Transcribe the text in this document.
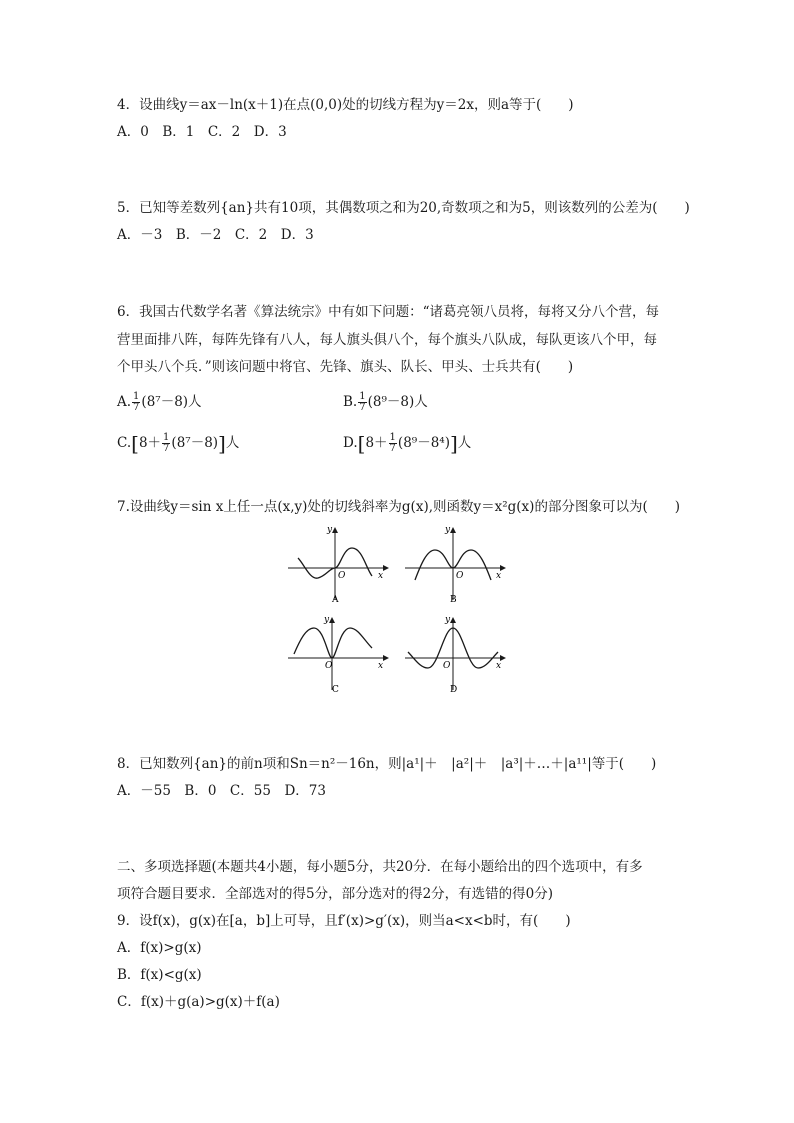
4．设曲线y＝ax－ln(x＋1)在点(0,0)处的切线方程为y＝2x，则a等于(　　)
A．0　B．1　C．2　D．3
5．已知等差数列{an}共有10项，其偶数项之和为20,奇数项之和为5，则该数列的公差为(　　)
A．－3　B．－2　C．2　D．3
6．我国古代数学名著《算法统宗》中有如下问题：“诸葛亮领八员将，每将又分八个营，每
营里面排八阵，每阵先锋有八人，每人旗头俱八个，每个旗头八队成，每队更该八个甲，每
个甲头八个兵．”则该问题中将官、先锋、旗头、队长、甲头、士兵共有(　　)
A. $\frac{1}{7} (8^7-8)$人	B. $\frac{1}{7} (8^9-8)$人
$C.[8+ \frac{1}{7} (8^7-8)]$人	$D.[8+ \frac{1}{7} (8^9-8^4)]$人
7.设曲线y＝sin x上任一点(x,y)处的切线斜率为g(x),则函数y＝x²g(x)的部分图象可以为(　　)
y
O	x
A
y
O	x
B
y
O	x
C
y
O	x
D
8．已知数列{an}的前n项和Sn＝n²－16n，则|a¹|＋　|a²|＋　|a³|＋…＋|a¹¹|等于(　　)
A．－55　B．0　C．55　D．73
二、多项选择题(本题共4小题，每小题5分，共20分．在每小题给出的四个选项中，有多
项符合题目要求．全部选对的得5分，部分选对的得2分，有选错的得0分)
9．设f(x)，g(x)在[a，b]上可导，且f′(x)>g′(x)，则当a<x<b时，有(　　)
A．f(x)>g(x)
B．f(x)<g(x)
C．f(x)＋g(a)>g(x)＋f(a)
